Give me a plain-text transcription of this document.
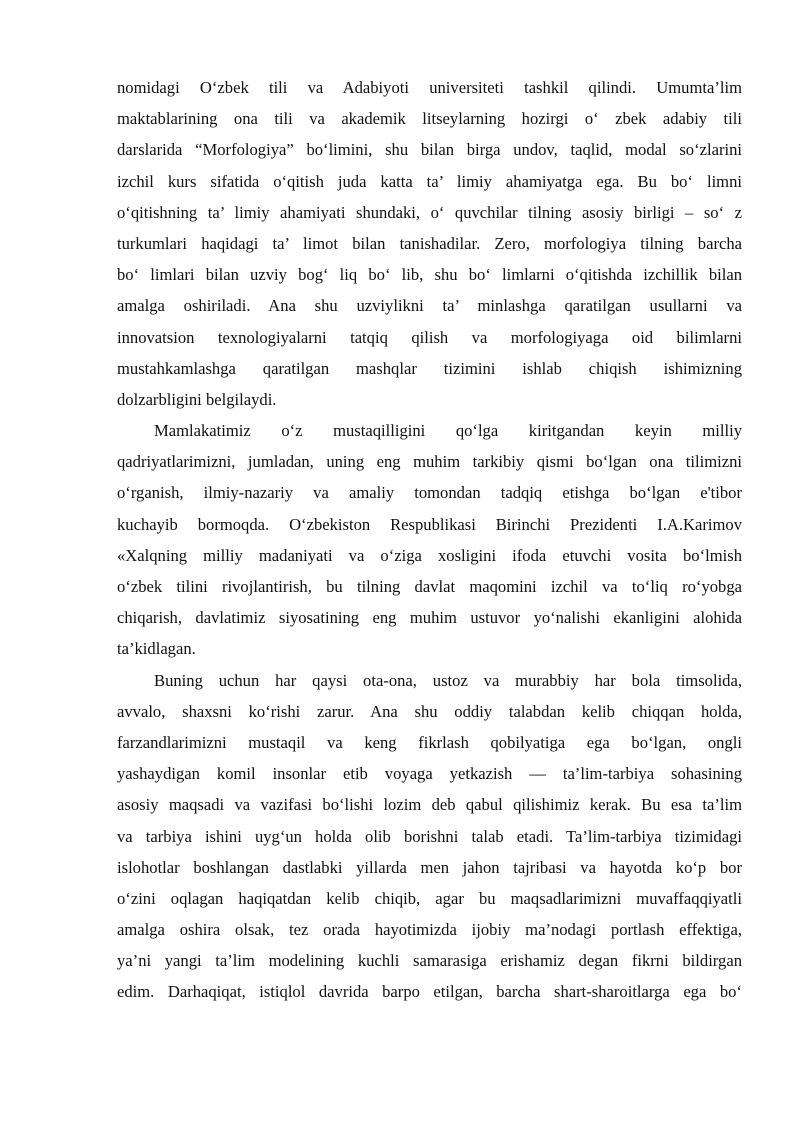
nomidagi O‘zbek tili va Adabiyoti universiteti tashkil qilindi. Umumta’lim
maktablarining ona tili va akademik litseylarning hozirgi o‘ zbek adabiy tili
darslarida “Morfologiya” bo‘limini, shu bilan birga undov, taqlid, modal so‘zlarini
izchil kurs sifatida o‘qitish juda katta ta’ limiy ahamiyatga ega. Bu bo‘ limni
o‘qitishning ta’ limiy ahamiyati shundaki, o‘ quvchilar tilning asosiy birligi – so‘ z
turkumlari haqidagi ta’ limot bilan tanishadilar. Zero, morfologiya tilning barcha
bo‘ limlari bilan uzviy bog‘ liq bo‘ lib, shu bo‘ limlarni o‘qitishda izchillik bilan
amalga oshiriladi. Ana shu uzviylikni ta’ minlashga qaratilgan usullarni va
innovatsion texnologiyalarni tatqiq qilish va morfologiyaga oid bilimlarni
mustahkamlashga qaratilgan mashqlar tizimini ishlab chiqish ishimizning
dolzarbligini belgilaydi.
Mamlakatimiz o‘z mustaqilligini qo‘lga kiritgandan keyin milliy
qadriyatlarimizni, jumladan, uning eng muhim tarkibiy qismi bo‘lgan ona tilimizni
o‘rganish, ilmiy-nazariy va amaliy tomondan tadqiq etishga bo‘lgan e'tibor
kuchayib bormoqda. O‘zbekiston Respublikasi Birinchi Prezidenti I.A.Karimov
«Xalqning milliy madaniyati va o‘ziga xosligini ifoda etuvchi vosita bo‘lmish
o‘zbek tilini rivojlantirish, bu tilning davlat maqomini izchil va to‘liq ro‘yobga
chiqarish, davlatimiz siyosatining eng muhim ustuvor yo‘nalishi ekanligini alohida
ta’kidlagan.
Buning uchun har qaysi ota-ona, ustoz va murabbiy har bola timsolida,
avvalo, shaxsni ko‘rishi zarur. Ana shu oddiy talabdan kelib chiqqan holda,
farzandlarimizni mustaqil va keng fikrlash qobilyatiga ega bo‘lgan, ongli
yashaydigan komil insonlar etib voyaga yetkazish — ta’lim-tarbiya sohasining
asosiy maqsadi va vazifasi bo‘lishi lozim deb qabul qilishimiz kerak. Bu esa ta’lim
va tarbiya ishini uyg‘un holda olib borishni talab etadi. Ta’lim-tarbiya tizimidagi
islohotlar boshlangan dastlabki yillarda men jahon tajribasi va hayotda ko‘p bor
o‘zini oqlagan haqiqatdan kelib chiqib, agar bu maqsadlarimizni muvaffaqqiyatli
amalga oshira olsak, tez orada hayotimizda ijobiy ma’nodagi portlash effektiga,
ya’ni yangi ta’lim modelining kuchli samarasiga erishamiz degan fikrni bildirgan
edim. Darhaqiqat, istiqlol davrida barpo etilgan, barcha shart-sharoitlarga ega bo‘
